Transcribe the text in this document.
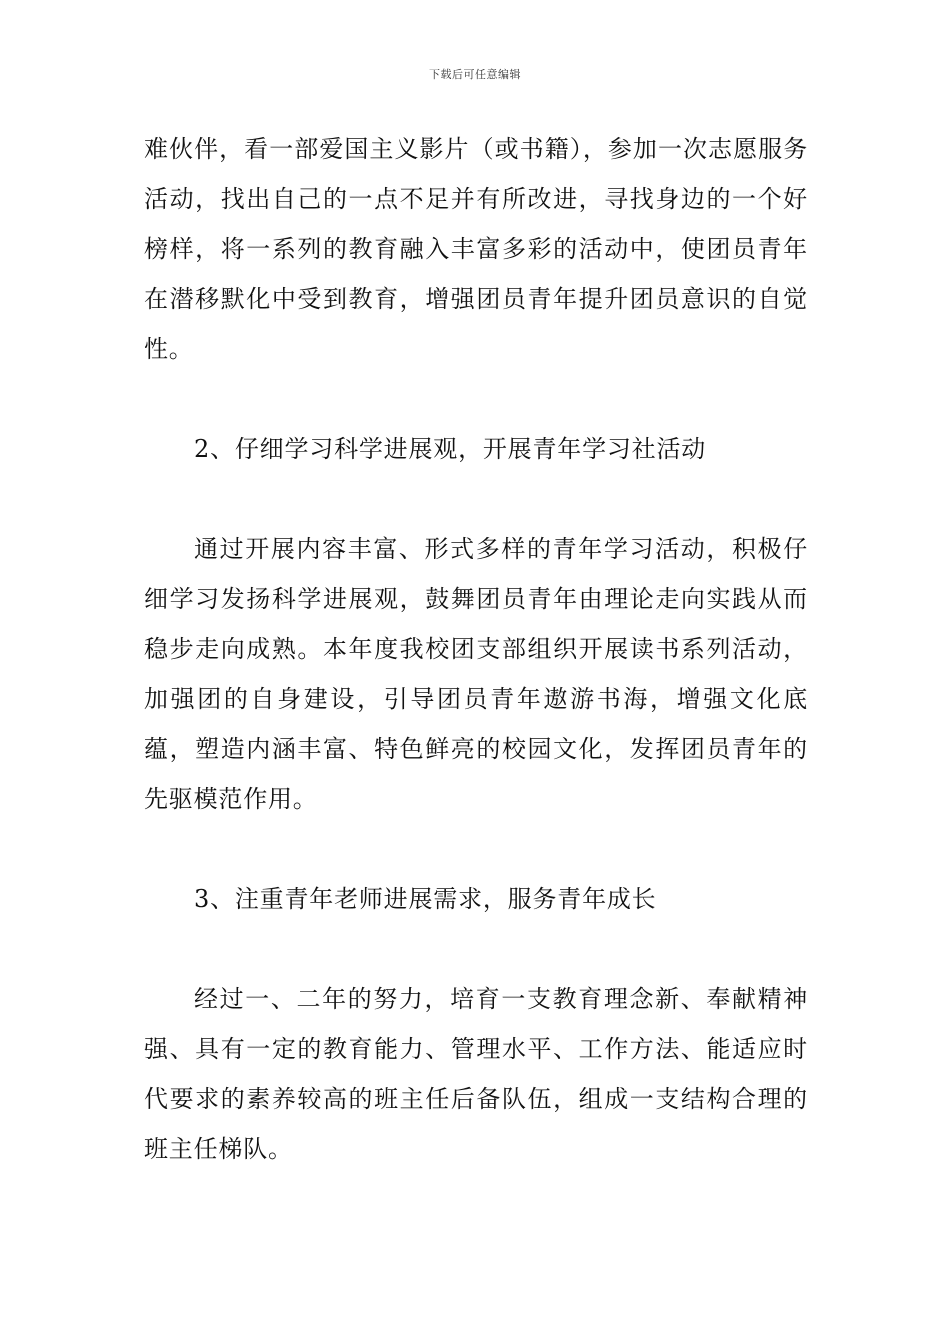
下载后可任意编辑

难伙伴，看一部爱国主义影片（或书籍），参加一次志愿服务活动，找出自己的一点不足并有所改进，寻找身边的一个好榜样，将一系列的教育融入丰富多彩的活动中，使团员青年在潜移默化中受到教育，增强团员青年提升团员意识的自觉性。

2、仔细学习科学进展观，开展青年学习社活动

通过开展内容丰富、形式多样的青年学习活动，积极仔细学习发扬科学进展观，鼓舞团员青年由理论走向实践从而稳步走向成熟。本年度我校团支部组织开展读书系列活动，加强团的自身建设，引导团员青年遨游书海，增强文化底蕴，塑造内涵丰富、特色鲜亮的校园文化，发挥团员青年的先驱模范作用。

3、注重青年老师进展需求，服务青年成长

经过一、二年的努力，培育一支教育理念新、奉献精神强、具有一定的教育能力、管理水平、工作方法、能适应时代要求的素养较高的班主任后备队伍，组成一支结构合理的班主任梯队。
